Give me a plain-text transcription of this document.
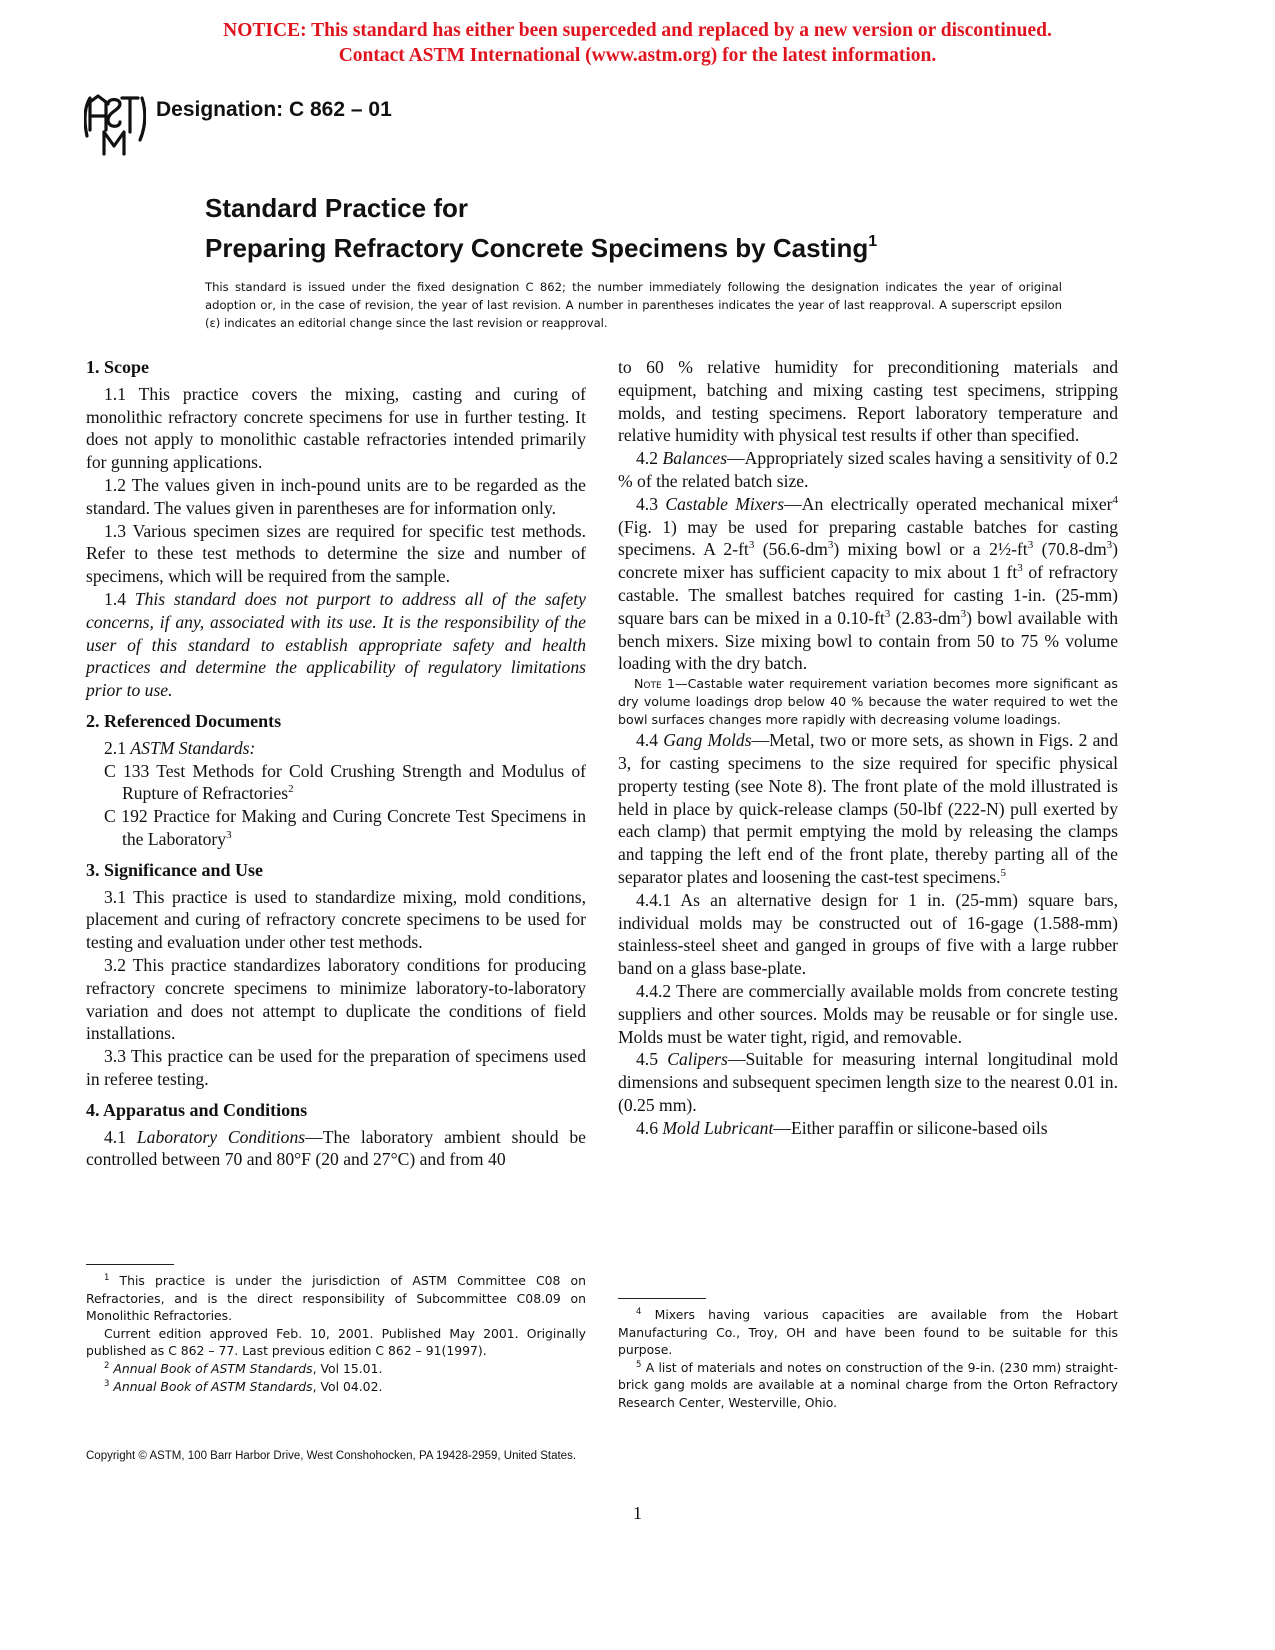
NOTICE: This standard has either been superceded and replaced by a new version or discontinued.
Contact ASTM International (www.astm.org) for the latest information.
Designation: C 862 – 01
Standard Practice for
Preparing Refractory Concrete Specimens by Casting$^1$
This standard is issued under the fixed designation C 862; the number immediately following the designation indicates the year of original adoption or, in the case of revision, the year of last revision. A number in parentheses indicates the year of last reapproval. A superscript epsilon (ε) indicates an editorial change since the last revision or reapproval.
1. Scope

1.1 This practice covers the mixing, casting and curing of monolithic refractory concrete specimens for use in further testing. It does not apply to monolithic castable refractories intended primarily for gunning applications.

1.2 The values given in inch-pound units are to be regarded as the standard. The values given in parentheses are for information only.

1.3 Various specimen sizes are required for specific test methods. Refer to these test methods to determine the size and number of specimens, which will be required from the sample.

1.4 This standard does not purport to address all of the safety concerns, if any, associated with its use. It is the responsibility of the user of this standard to establish appropriate safety and health practices and determine the applicability of regulatory limitations prior to use.

2. Referenced Documents

2.1 ASTM Standards:

C 133 Test Methods for Cold Crushing Strength and Modulus of Rupture of Refractories$^2$

C 192 Practice for Making and Curing Concrete Test Specimens in the Laboratory$^3$

3. Significance and Use

3.1 This practice is used to standardize mixing, mold conditions, placement and curing of refractory concrete specimens to be used for testing and evaluation under other test methods.

3.2 This practice standardizes laboratory conditions for producing refractory concrete specimens to minimize laboratory-to-laboratory variation and does not attempt to duplicate the conditions of field installations.

3.3 This practice can be used for the preparation of specimens used in referee testing.

4. Apparatus and Conditions

4.1 Laboratory Conditions—The laboratory ambient should be controlled between 70 and 80°F (20 and 27°C) and from 40

$^1$ This practice is under the jurisdiction of ASTM Committee C08 on Refractories, and is the direct responsibility of Subcommittee C08.09 on Monolithic Refractories.

Current edition approved Feb. 10, 2001. Published May 2001. Originally published as C 862 – 77. Last previous edition C 862 – 91(1997).

$^2$ Annual Book of ASTM Standards, Vol 15.01.

$^3$ Annual Book of ASTM Standards, Vol 04.02.

to 60 % relative humidity for preconditioning materials and equipment, batching and mixing casting test specimens, stripping molds, and testing specimens. Report laboratory temperature and relative humidity with physical test results if other than specified.

4.2 Balances—Appropriately sized scales having a sensitivity of 0.2 % of the related batch size.

4.3 Castable Mixers—An electrically operated mechanical mixer$^4$ (Fig. 1) may be used for preparing castable batches for casting specimens. A $2-ft^3$ $(56.6-dm^3)$ mixing bowl or a $2\frac{1}{2}-ft^3$ $(70.8-dm^3)$ concrete mixer has sufficient capacity to mix about 1 $ft^3$ of refractory castable. The smallest batches required for casting 1-in. (25-mm) square bars can be mixed in a $0.10-ft^3$ $(2.83-dm^3)$ bowl available with bench mixers. Size mixing bowl to contain from 50 to 75 % volume loading with the dry batch.

Note 1—Castable water requirement variation becomes more significant as dry volume loadings drop below 40 % because the water required to wet the bowl surfaces changes more rapidly with decreasing volume loadings.

4.4 Gang Molds—Metal, two or more sets, as shown in Figs. 2 and 3, for casting specimens to the size required for specific physical property testing (see Note 8). The front plate of the mold illustrated is held in place by quick-release clamps (50-lbf (222-N) pull exerted by each clamp) that permit emptying the mold by releasing the clamps and tapping the left end of the front plate, thereby parting all of the separator plates and loosening the cast-test specimens.$^5$

4.4.1 As an alternative design for 1 in. (25-mm) square bars, individual molds may be constructed out of 16-gage (1.588-mm) stainless-steel sheet and ganged in groups of five with a large rubber band on a glass base-plate.

4.4.2 There are commercially available molds from concrete testing suppliers and other sources. Molds may be reusable or for single use. Molds must be water tight, rigid, and removable.

4.5 Calipers—Suitable for measuring internal longitudinal mold dimensions and subsequent specimen length size to the nearest 0.01 in. (0.25 mm).

4.6 Mold Lubricant—Either paraffin or silicone-based oils

$^4$ Mixers having various capacities are available from the Hobart Manufacturing Co., Troy, OH and have been found to be suitable for this purpose.

$^5$ A list of materials and notes on construction of the 9-in. (230 mm) straight-brick gang molds are available at a nominal charge from the Orton Refractory Research Center, Westerville, Ohio.

Copyright © ASTM, 100 Barr Harbor Drive, West Conshohocken, PA 19428-2959, United States.
1
